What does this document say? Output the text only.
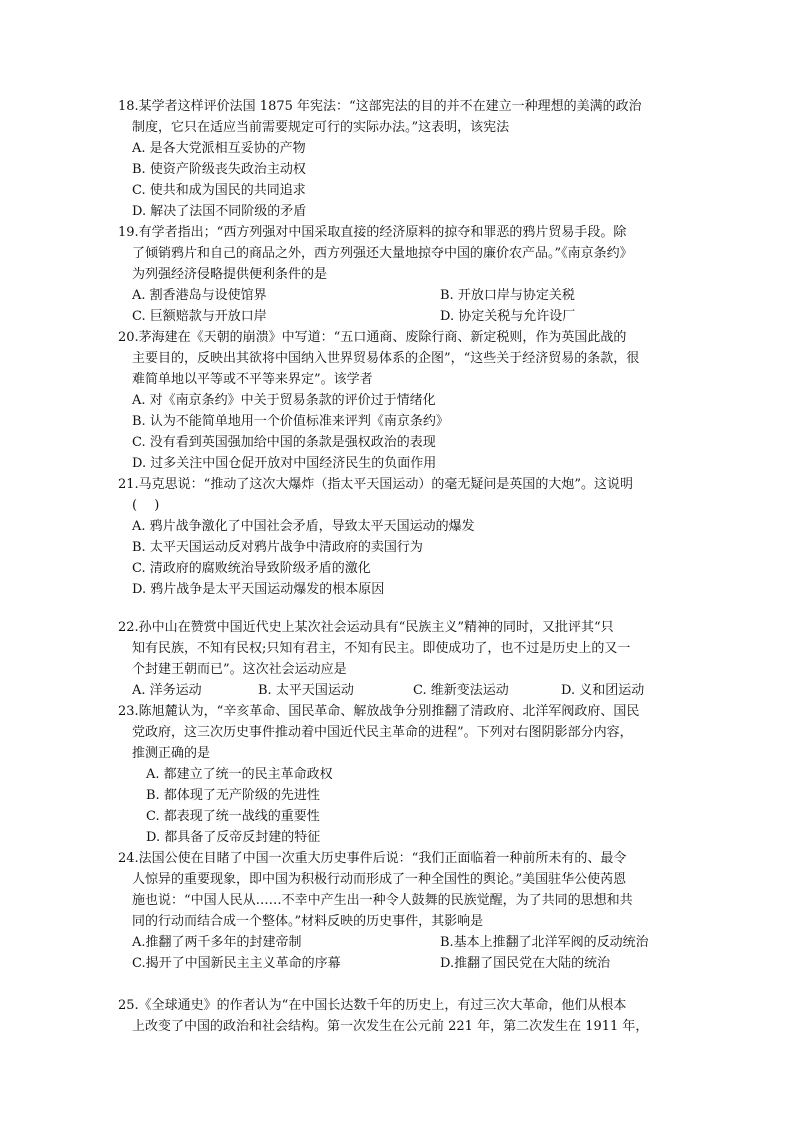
18.某学者这样评价法国 1875 年宪法：“这部宪法的目的并不在建立一种理想的美满的政治
制度，它只在适应当前需要规定可行的实际办法。”这表明，该宪法
A. 是各大党派相互妥协的产物
B. 使资产阶级丧失政治主动权
C. 使共和成为国民的共同追求
D. 解决了法国不同阶级的矛盾
19.有学者指出；“西方列强对中国采取直接的经济原料的掠夺和罪恶的鸦片贸易手段。除
了倾销鸦片和自己的商品之外，西方列强还大量地掠夺中国的廉价农产品。”《南京条约》
为列强经济侵略提供便利条件的是
A. 割香港岛与设使馆界	B. 开放口岸与协定关税
C. 巨额赔款与开放口岸	D. 协定关税与允许设厂
20.茅海建在《天朝的崩溃》中写道：“五口通商、废除行商、新定税则，作为英国此战的
主要目的，反映出其欲将中国纳入世界贸易体系的企图”，“这些关于经济贸易的条款，很
难简单地以平等或不平等来界定”。该学者
A. 对《南京条约》中关于贸易条款的评价过于情绪化
B. 认为不能简单地用一个价值标准来评判《南京条约》
C. 没有看到英国强加给中国的条款是强权政治的表现
D. 过多关注中国仓促开放对中国经济民生的负面作用
21.马克思说：“推动了这次大爆炸（指太平天国运动）的毫无疑问是英国的大炮”。这说明
(　 )
A. 鸦片战争激化了中国社会矛盾，导致太平天国运动的爆发
B. 太平天国运动反对鸦片战争中清政府的卖国行为
C. 清政府的腐败统治导致阶级矛盾的激化
D. 鸦片战争是太平天国运动爆发的根本原因
22.孙中山在赞赏中国近代史上某次社会运动具有“民族主义”精神的同时，又批评其“只
知有民族，不知有民权;只知有君主，不知有民主。即使成功了，也不过是历史上的又一
个封建王朝而已”。这次社会运动应是
A. 洋务运动	B. 太平天国运动	C. 维新变法运动	D. 义和团运动
23.陈旭麓认为，“辛亥革命、国民革命、解放战争分别推翻了清政府、北洋军阀政府、国民
党政府，这三次历史事件推动着中国近代民主革命的进程”。下列对右图阴影部分内容，
推测正确的是
A. 都建立了统一的民主革命政权
B. 都体现了无产阶级的先进性
C. 都表现了统一战线的重要性
D. 都具备了反帝反封建的特征
24.法国公使在目睹了中国一次重大历史事件后说：“我们正面临着一种前所未有的、最令
人惊异的重要现象，即中国为积极行动而形成了一种全国性的舆论。”美国驻华公使芮恩
施也说：“中国人民从……不幸中产生出一种令人鼓舞的民族觉醒，为了共同的思想和共
同的行动而结合成一个整体。”材料反映的历史事件，其影响是
A.推翻了两千多年的封建帝制	B.基本上推翻了北洋军阀的反动统治
C.揭开了中国新民主主义革命的序幕	D.推翻了国民党在大陆的统治
25.《全球通史》的作者认为“在中国长达数千年的历史上，有过三次大革命，他们从根本
上改变了中国的政治和社会结构。第一次发生在公元前 221 年，第二次发生在 1911 年，
